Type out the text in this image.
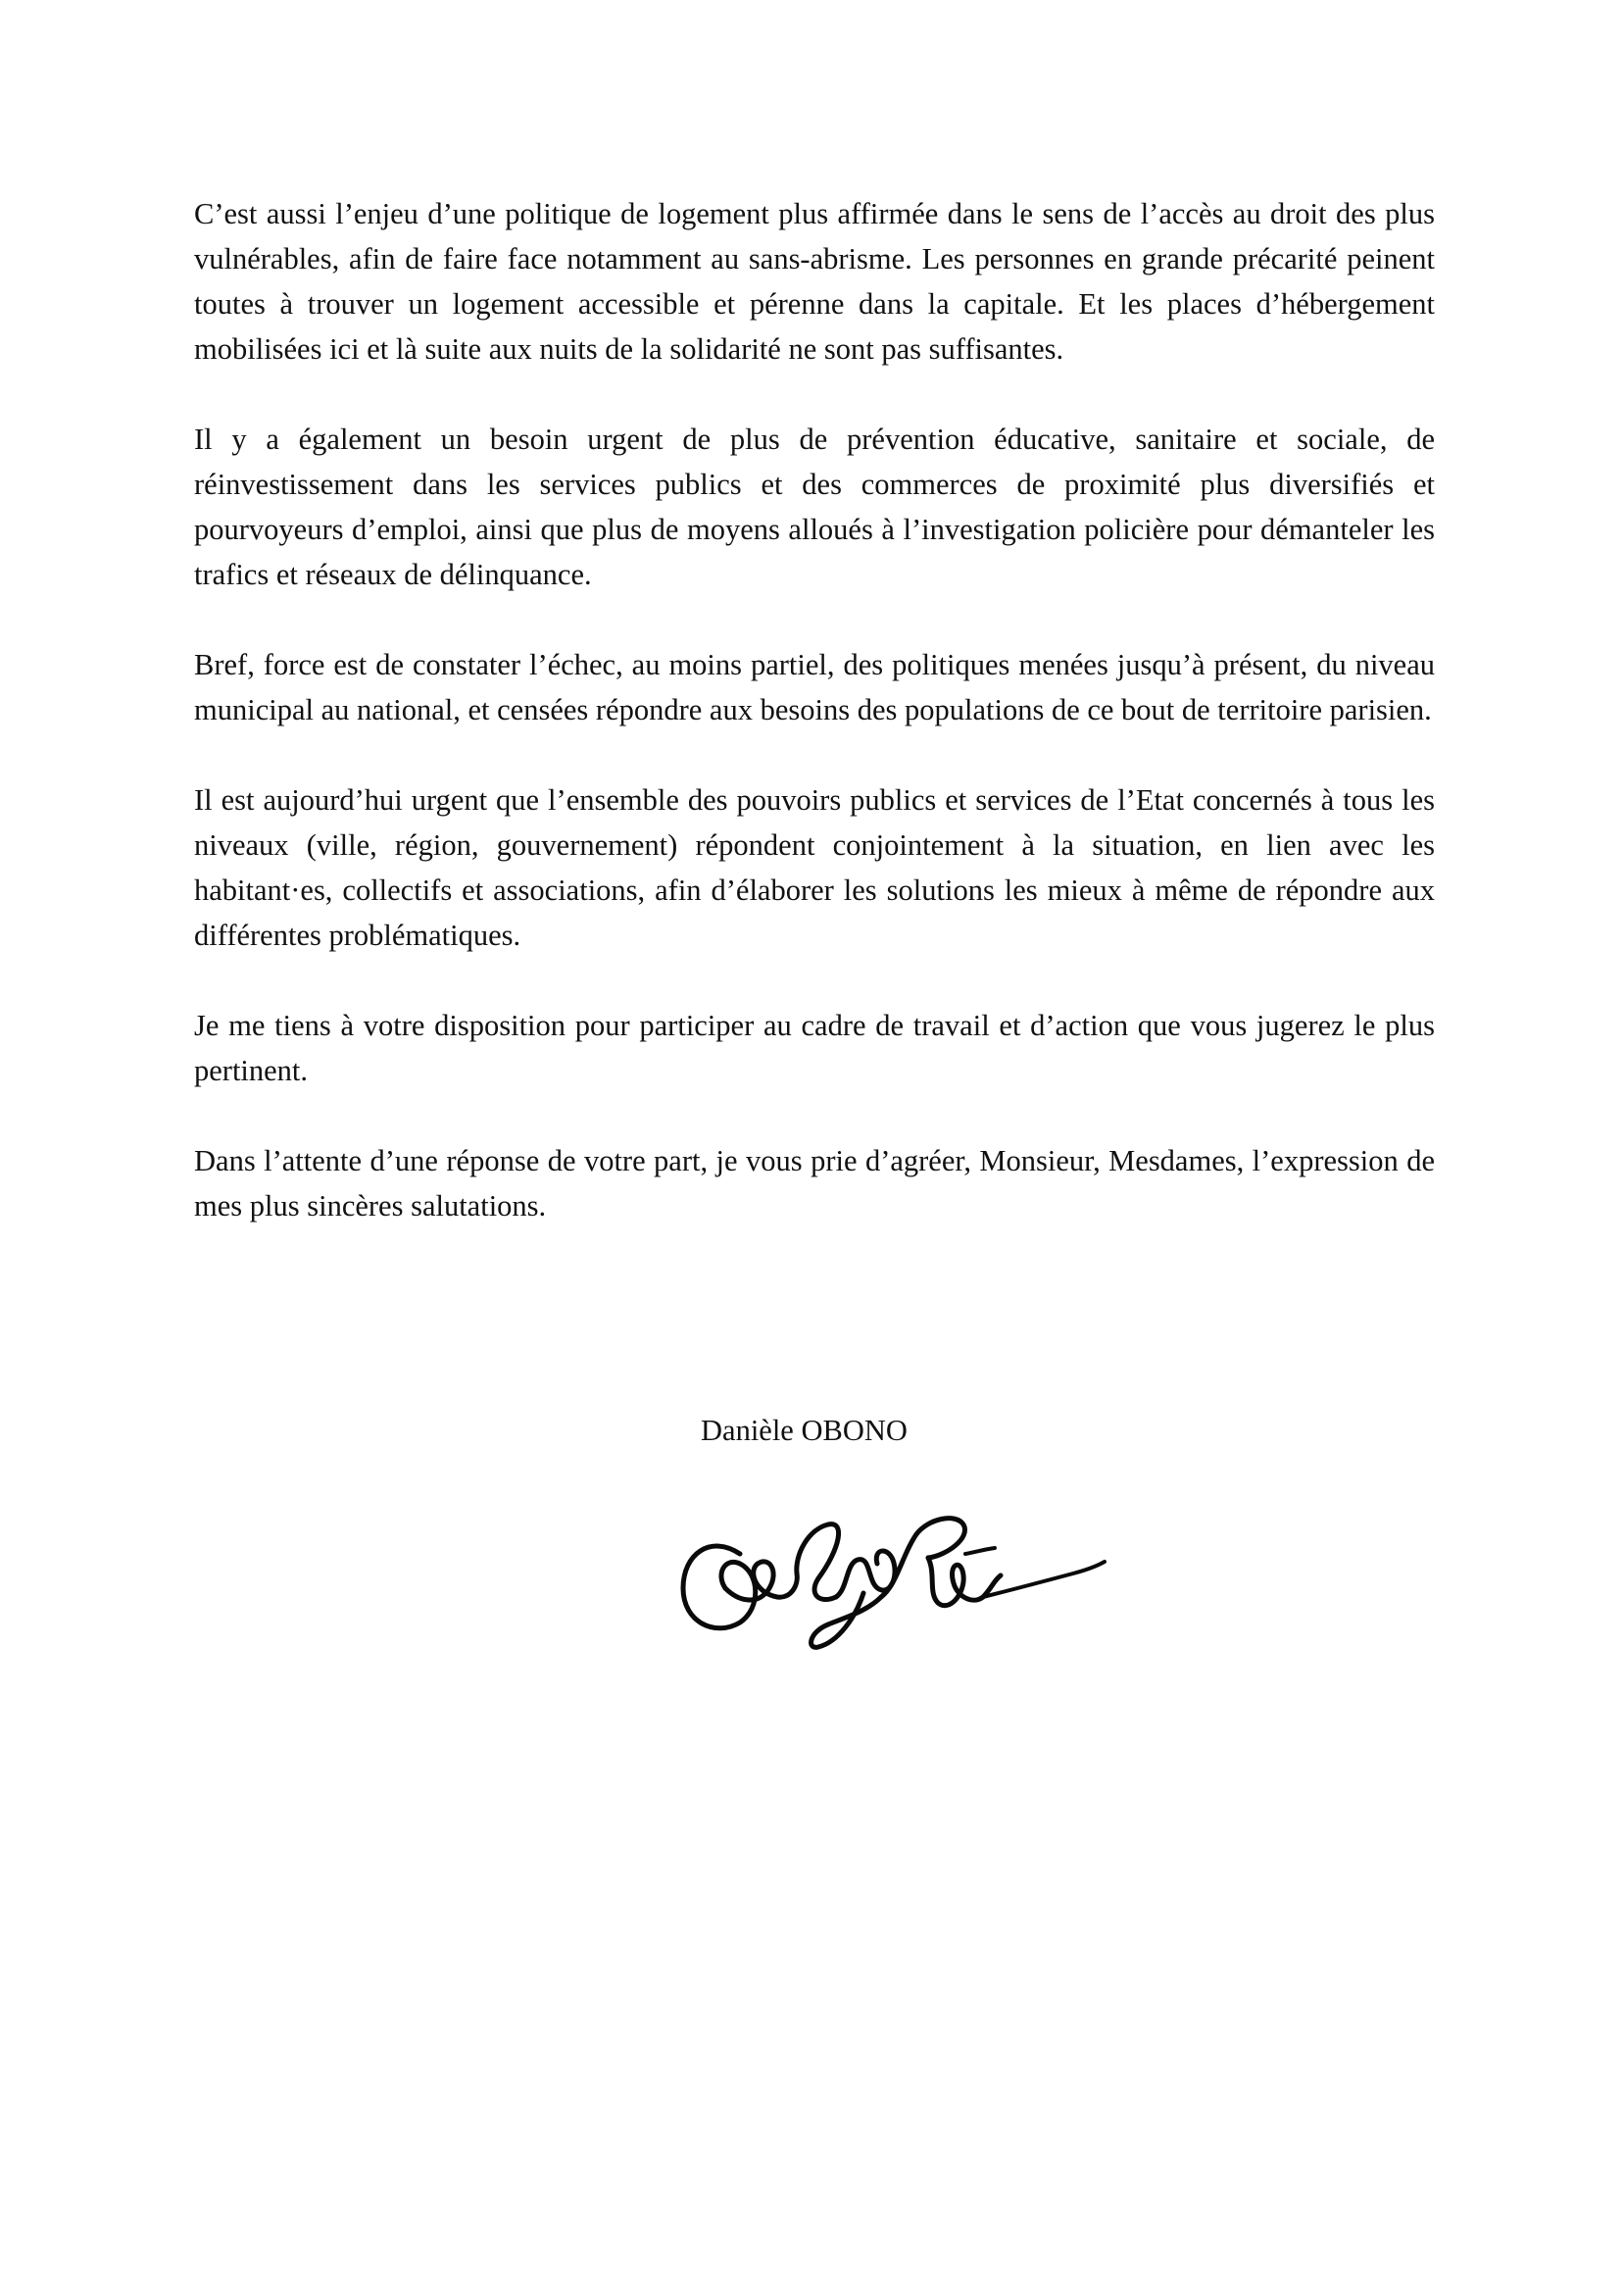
C’est aussi l’enjeu d’une politique de logement plus affirmée dans le sens de l’accès au droit des plus vulnérables, afin de faire face notamment au sans-abrisme. Les personnes en grande précarité peinent toutes à trouver un logement accessible et pérenne dans la capitale. Et les places d’hébergement mobilisées ici et là suite aux nuits de la solidarité ne sont pas suffisantes.

Il y a également un besoin urgent de plus de prévention éducative, sanitaire et sociale, de réinvestissement dans les services publics et des commerces de proximité plus diversifiés et pourvoyeurs d’emploi, ainsi que plus de moyens alloués à l’investigation policière pour démanteler les trafics et réseaux de délinquance.

Bref, force est de constater l’échec, au moins partiel, des politiques menées jusqu’à présent, du niveau municipal au national, et censées répondre aux besoins des populations de ce bout de territoire parisien.

Il est aujourd’hui urgent que l’ensemble des pouvoirs publics et services de l’Etat concernés à tous les niveaux (ville, région, gouvernement) répondent conjointement à la situation, en lien avec les habitant·es, collectifs et associations, afin d’élaborer les solutions les mieux à même de répondre aux différentes problématiques.

Je me tiens à votre disposition pour participer au cadre de travail et d’action que vous jugerez le plus pertinent.

Dans l’attente d’une réponse de votre part, je vous prie d’agréer, Monsieur, Mesdames, l’expression de mes plus sincères salutations.

Danièle OBONO
